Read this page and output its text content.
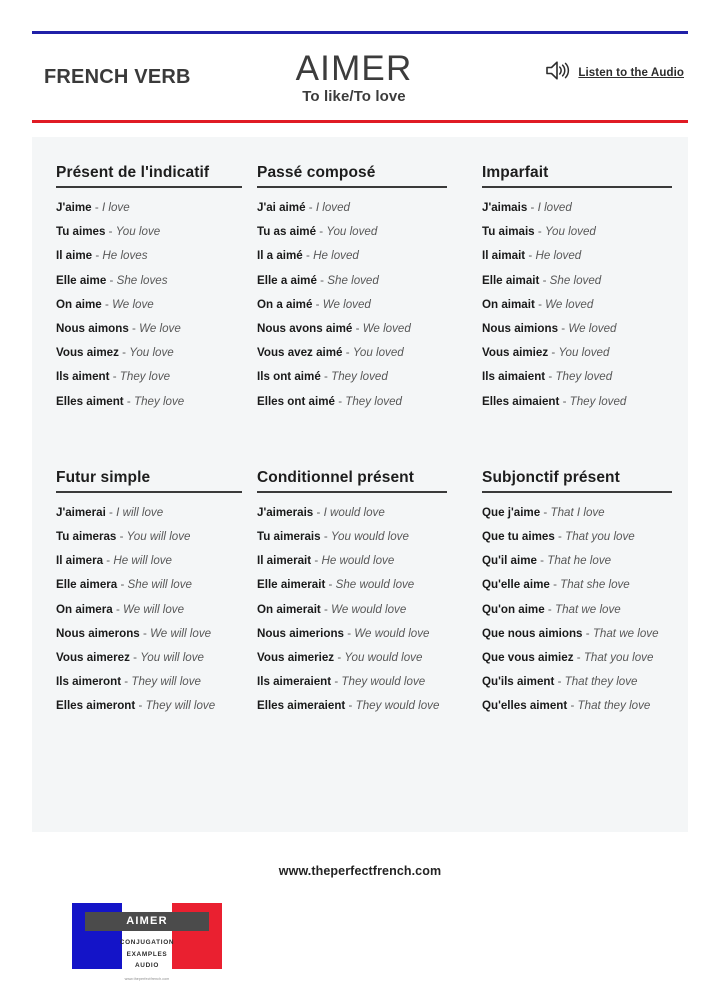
FRENCH VERB	AIMER
To like/To love
Listen to the Audio
Présent de l'indicatif
J'aime - I love
Tu aimes - You love
Il aime - He loves
Elle aime - She loves
On aime - We love
Nous aimons - We love
Vous aimez - You love
Ils aiment - They love
Elles aiment - They love
Passé composé
J'ai aimé - I loved
Tu as aimé - You loved
Il a aimé - He loved
Elle a aimé - She loved
On a aimé - We loved
Nous avons aimé - We loved
Vous avez aimé - You loved
Ils ont aimé - They loved
Elles ont aimé - They loved
Imparfait
J'aimais - I loved
Tu aimais - You loved
Il aimait - He loved
Elle aimait - She loved
On aimait - We loved
Nous aimions - We loved
Vous aimiez - You loved
Ils aimaient - They loved
Elles aimaient - They loved
Futur simple
J'aimerai - I will love
Tu aimeras - You will love
Il aimera - He will love
Elle aimera - She will love
On aimera - We will love
Nous aimerons - We will love
Vous aimerez - You will love
Ils aimeront - They will love
Elles aimeront - They will love
Conditionnel présent
J'aimerais - I would love
Tu aimerais - You would love
Il aimerait - He would love
Elle aimerait - She would love
On aimerait - We would love
Nous aimerions - We would love
Vous aimeriez - You would love
Ils aimeraient - They would love
Elles aimeraient - They would love
Subjonctif présent
Que j'aime - That I love
Que tu aimes - That you love
Qu'il aime - That he love
Qu'elle aime - That she love
Qu'on aime - That we love
Que nous aimions - That we love
Que vous aimiez - That you love
Qu'ils aiment - That they love
Qu'elles aiment - That they love
AIMER
CONJUGATION
EXAMPLES
AUDIO
www.theperfectfrench.com
www.theperfectfrench.com
